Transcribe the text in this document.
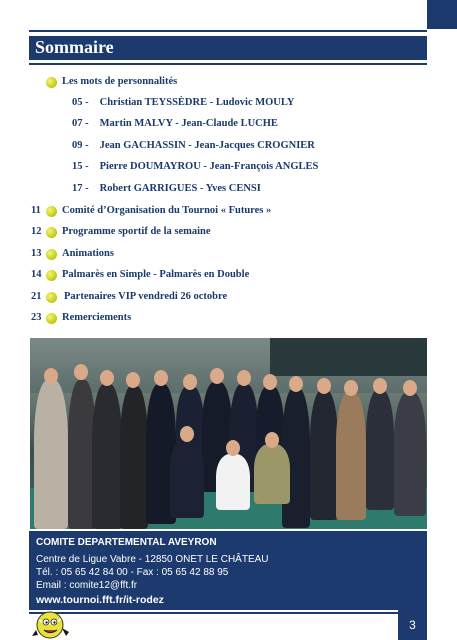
Sommaire
Les mots de personnalités
05 - Christian TEYSSÈDRE - Ludovic MOULY
07 - Martin MALVY - Jean-Claude LUCHE
09 - Jean GACHASSIN - Jean-Jacques CROGNIER
15 - Pierre DOUMAYROU - Jean-François ANGLES
17 - Robert GARRIGUES - Yves CENSI
11	Comité d’Organisation du Tournoi « Futures »
12	Programme sportif de la semaine
13	Animations
14	Palmarès en Simple - Palmarès en Double
21	Partenaires VIP vendredi 26 octobre
23	Remerciements
COMITE DEPARTEMENTAL AVEYRON
Centre de Ligue Vabre - 12850 ONET LE CHÂTEAU
Tél. : 05 65 42 84 00 - Fax : 05 65 42 88 95
Email : comite12@fft.fr
www.tournoi.fft.fr/it-rodez
3
